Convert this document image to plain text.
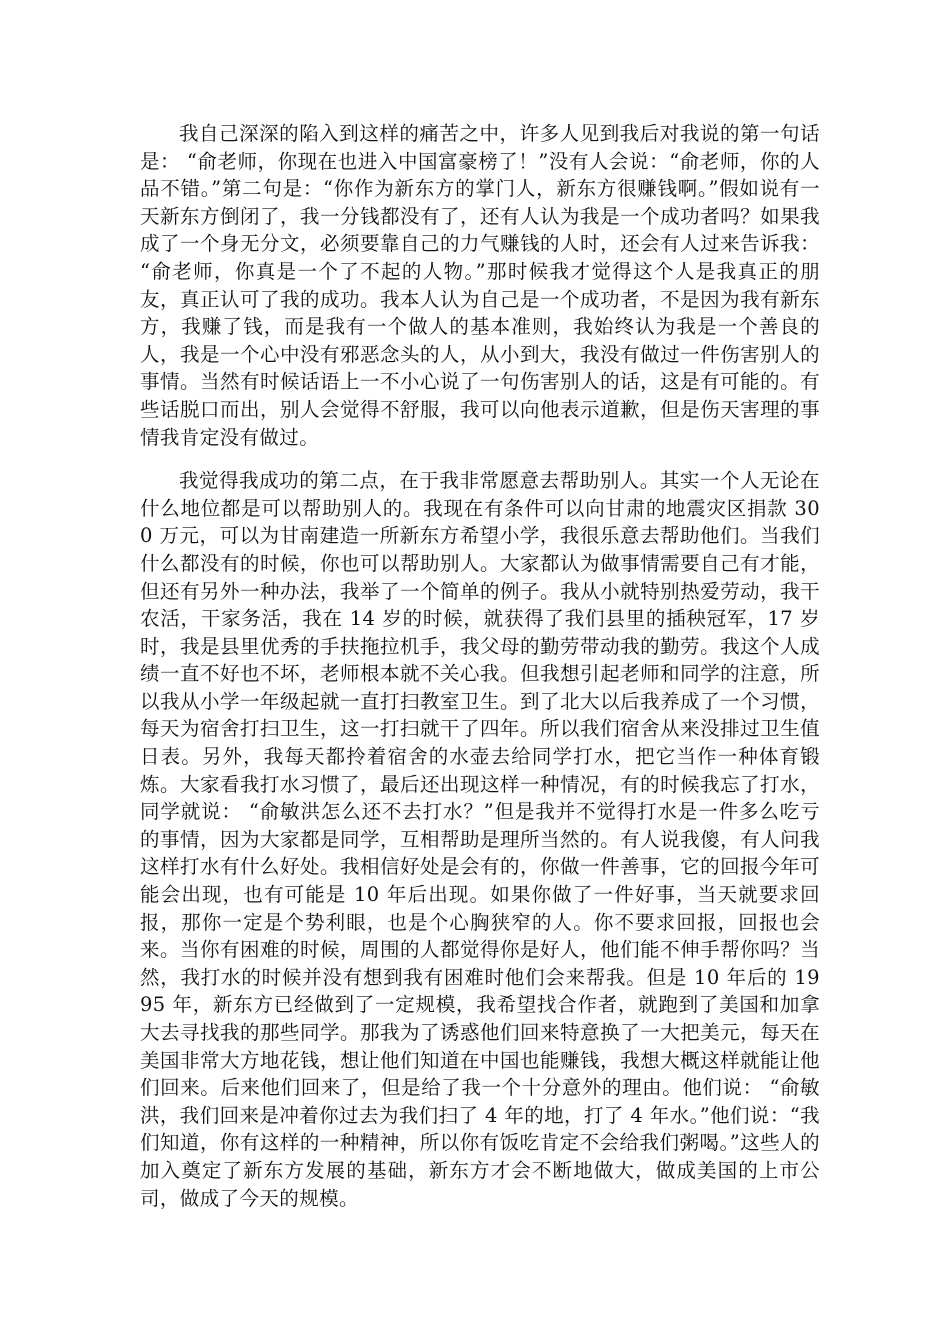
我自己深深的陷入到这样的痛苦之中，许多人见到我后对我说的第一句话是： “俞老师，你现在也进入中国富豪榜了！”没有人会说：“俞老师，你的人品不错。”第二句是：“你作为新东方的掌门人，新东方很赚钱啊。”假如说有一天新东方倒闭了，我一分钱都没有了，还有人认为我是一个成功者吗？如果我成了一个身无分文，必须要靠自己的力气赚钱的人时，还会有人过来告诉我： “俞老师，你真是一个了不起的人物。”那时候我才觉得这个人是我真正的朋友，真正认可了我的成功。我本人认为自己是一个成功者，不是因为我有新东方，我赚了钱，而是我有一个做人的基本准则，我始终认为我是一个善良的人，我是一个心中没有邪恶念头的人，从小到大，我没有做过一件伤害别人的事情。当然有时候话语上一不小心说了一句伤害别人的话，这是有可能的。有些话脱口而出，别人会觉得不舒服，我可以向他表示道歉，但是伤天害理的事情我肯定没有做过。

我觉得我成功的第二点，在于我非常愿意去帮助别人。其实一个人无论在什么地位都是可以帮助别人的。我现在有条件可以向甘肃的地震灾区捐款 300 万元，可以为甘南建造一所新东方希望小学，我很乐意去帮助他们。当我们什么都没有的时候，你也可以帮助别人。大家都认为做事情需要自己有才能，但还有另外一种办法，我举了一个简单的例子。我从小就特别热爱劳动，我干农活，干家务活，我在 14 岁的时候，就获得了我们县里的插秧冠军，17 岁时，我是县里优秀的手扶拖拉机手，我父母的勤劳带动我的勤劳。我这个人成绩一直不好也不坏，老师根本就不关心我。但我想引起老师和同学的注意，所以我从小学一年级起就一直打扫教室卫生。到了北大以后我养成了一个习惯，每天为宿舍打扫卫生，这一打扫就干了四年。所以我们宿舍从来没排过卫生值日表。另外，我每天都拎着宿舍的水壶去给同学打水，把它当作一种体育锻炼。大家看我打水习惯了，最后还出现这样一种情况，有的时候我忘了打水，同学就说： “俞敏洪怎么还不去打水？”但是我并不觉得打水是一件多么吃亏的事情，因为大家都是同学，互相帮助是理所当然的。有人说我傻，有人问我这样打水有什么好处。我相信好处是会有的，你做一件善事，它的回报今年可能会出现，也有可能是 10 年后出现。如果你做了一件好事，当天就要求回报，那你一定是个势利眼，也是个心胸狭窄的人。你不要求回报，回报也会来。当你有困难的时候，周围的人都觉得你是好人，他们能不伸手帮你吗？当然，我打水的时候并没有想到我有困难时他们会来帮我。但是 10 年后的 1995 年，新东方已经做到了一定规模，我希望找合作者，就跑到了美国和加拿大去寻找我的那些同学。那我为了诱惑他们回来特意换了一大把美元，每天在美国非常大方地花钱，想让他们知道在中国也能赚钱，我想大概这样就能让他们回来。后来他们回来了，但是给了我一个十分意外的理由。他们说： “俞敏洪，我们回来是冲着你过去为我们扫了 4 年的地，打了 4 年水。”他们说：“我们知道，你有这样的一种精神，所以你有饭吃肯定不会给我们粥喝。”这些人的加入奠定了新东方发展的基础，新东方才会不断地做大，做成美国的上市公司，做成了今天的规模。
